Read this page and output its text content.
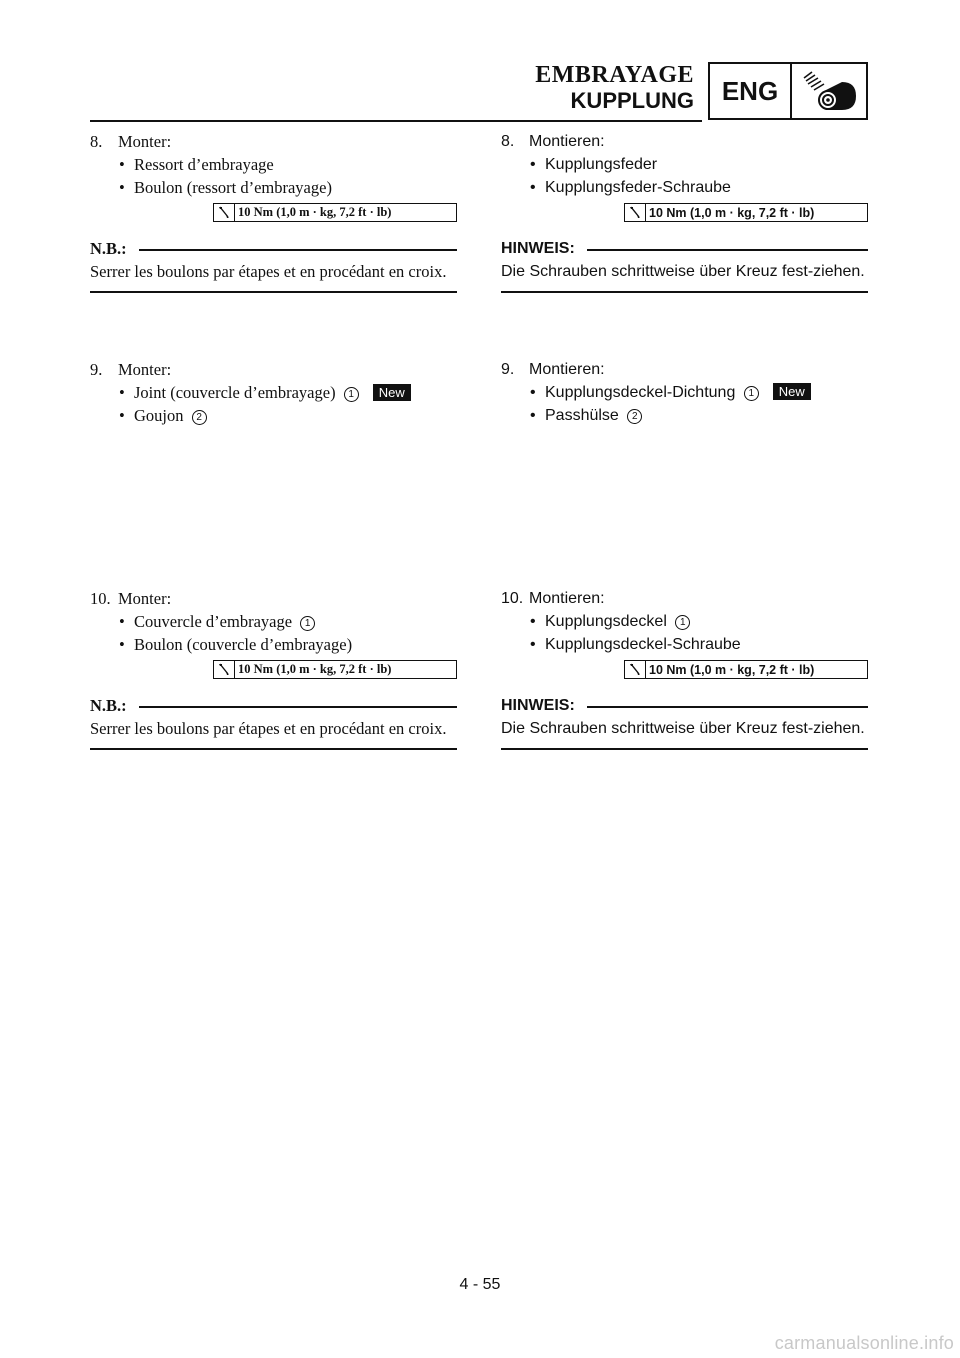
EMBRAYAGE
KUPPLUNG	ENG
8. Monter:
• Ressort d’embrayage
• Boulon (ressort d’embrayage)
10 Nm (1,0 m · kg, 7,2 ft · lb)
N.B.:
Serrer les boulons par étapes et en procédant en croix.
9. Monter:
• Joint (couvercle d’embrayage) 1 New
• Goujon 2
10. Monter:
• Couvercle d’embrayage 1
• Boulon (couvercle d’embrayage)
10 Nm (1,0 m · kg, 7,2 ft · lb)
N.B.:
Serrer les boulons par étapes et en procédant en croix.
8. Montieren:
• Kupplungsfeder
• Kupplungsfeder-Schraube
10 Nm (1,0 m · kg, 7,2 ft · lb)
HINWEIS:
Die Schrauben schrittweise über Kreuz fest-ziehen.
9. Montieren:
• Kupplungsdeckel-Dichtung 1 New
• Passhülse 2
10. Montieren:
• Kupplungsdeckel 1
• Kupplungsdeckel-Schraube
10 Nm (1,0 m · kg, 7,2 ft · lb)
HINWEIS:
Die Schrauben schrittweise über Kreuz fest-ziehen.
4 - 55
carmanualsonline.info
